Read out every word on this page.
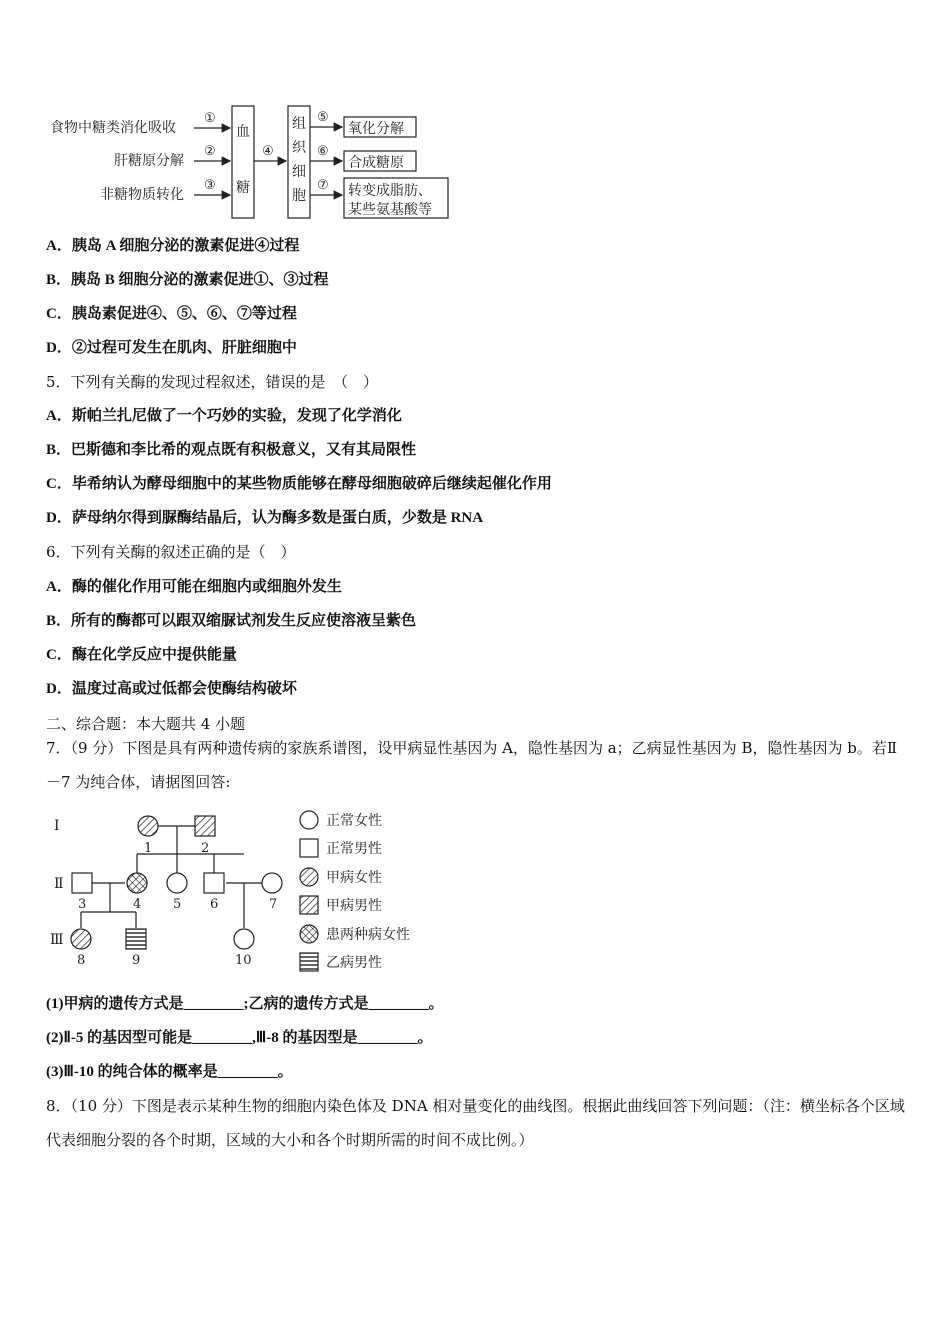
食物中糖类消化吸收
肝糖原分解
非糖物质转化
①
②
③
血
糖
④
组
织
细
胞
⑤
⑥
⑦
氧化分解
合成糖原
转变成脂肪、
某些氨基酸等
A．胰岛 A 细胞分泌的激素促进④过程
B．胰岛 B 细胞分泌的激素促进①、③过程
C．胰岛素促进④、⑤、⑥、⑦等过程
D．②过程可发生在肌肉、肝脏细胞中
5．下列有关酶的发现过程叙述，错误的是　（　）
A．斯帕兰扎尼做了一个巧妙的实验，发现了化学消化
B．巴斯德和李比希的观点既有积极意义，又有其局限性
C．毕希纳认为酵母细胞中的某些物质能够在酵母细胞破碎后继续起催化作用
D．萨母纳尔得到脲酶结晶后，认为酶多数是蛋白质，少数是 RNA
6．下列有关酶的叙述正确的是（　）
A．酶的催化作用可能在细胞内或细胞外发生
B．所有的酶都可以跟双缩脲试剂发生反应使溶液呈紫色
C．酶在化学反应中提供能量
D．温度过高或过低都会使酶结构破坏
二、综合题：本大题共 4 小题
7．（9 分）下图是具有两种遗传病的家族系谱图，设甲病显性基因为 A，隐性基因为 a；乙病显性基因为 B，隐性基因为 b。若Ⅱ－7 为纯合体，请据图回答:
Ⅰ
Ⅱ
Ⅲ
1	2
3	4 5 6	7
8	9	10
正常女性
正常男性
甲病女性
甲病男性
患两种病女性
乙病男性
(1)甲病的遗传方式是________;乙病的遗传方式是________。
(2)Ⅱ-5 的基因型可能是________,Ⅲ-8 的基因型是________。
(3)Ⅲ-10 的纯合体的概率是________。
8．（10 分）下图是表示某种生物的细胞内染色体及 DNA 相对量变化的曲线图。根据此曲线回答下列问题：（注：横坐标各个区域代表细胞分裂的各个时期，区域的大小和各个时期所需的时间不成比例。）
